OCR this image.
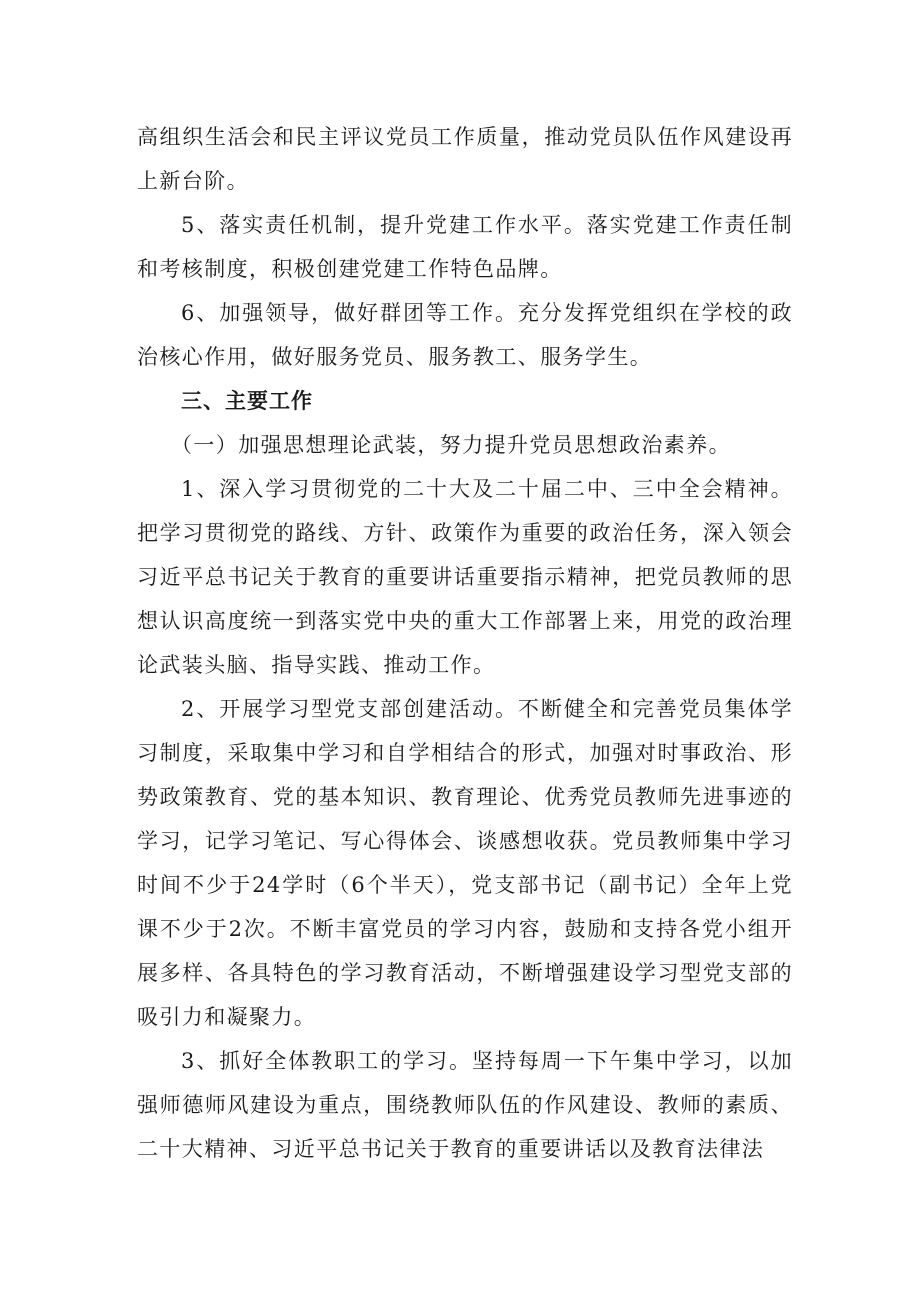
高组织生活会和民主评议党员工作质量，推动党员队伍作风建设再上新台阶。

5、落实责任机制，提升党建工作水平。落实党建工作责任制和考核制度，积极创建党建工作特色品牌。

6、加强领导，做好群团等工作。充分发挥党组织在学校的政治核心作用，做好服务党员、服务教工、服务学生。

三、主要工作

（一）加强思想理论武装，努力提升党员思想政治素养。

1、深入学习贯彻党的二十大及二十届二中、三中全会精神。把学习贯彻党的路线、方针、政策作为重要的政治任务，深入领会习近平总书记关于教育的重要讲话重要指示精神，把党员教师的思想认识高度统一到落实党中央的重大工作部署上来，用党的政治理论武装头脑、指导实践、推动工作。

2、开展学习型党支部创建活动。不断健全和完善党员集体学习制度，采取集中学习和自学相结合的形式，加强对时事政治、形势政策教育、党的基本知识、教育理论、优秀党员教师先进事迹的学习，记学习笔记、写心得体会、谈感想收获。党员教师集中学习时间不少于24学时（6个半天），党支部书记（副书记）全年上党课不少于2次。不断丰富党员的学习内容，鼓励和支持各党小组开展多样、各具特色的学习教育活动，不断增强建设学习型党支部的吸引力和凝聚力。

3、抓好全体教职工的学习。坚持每周一下午集中学习，以加强师德师风建设为重点，围绕教师队伍的作风建设、教师的素质、二十大精神、习近平总书记关于教育的重要讲话以及教育法律法
